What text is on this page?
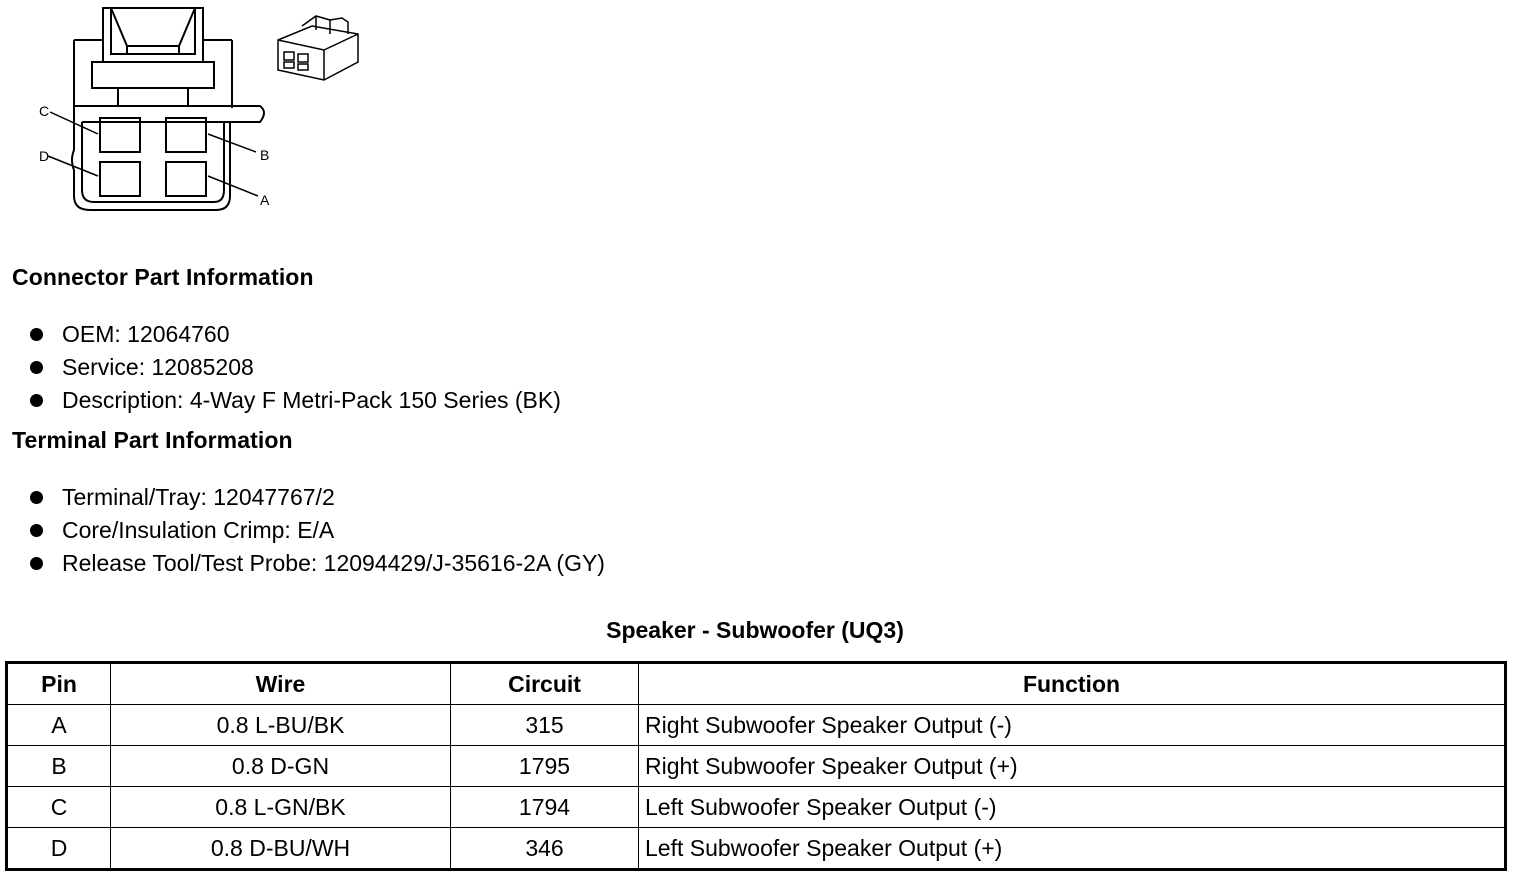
C
D	B
A
Connector Part Information
OEM: 12064760
Service: 12085208
Description: 4-Way F Metri-Pack 150 Series (BK)
Terminal Part Information
Terminal/Tray: 12047767/2
Core/Insulation Crimp: E/A
Release Tool/Test Probe: 12094429/J-35616-2A (GY)
Speaker - Subwoofer (UQ3)
Pin	Wire	Circuit	Function
A	0.8 L-BU/BK	315	Right Subwoofer Speaker Output (-)
B	0.8 D-GN	1795	Right Subwoofer Speaker Output (+)
C	0.8 L-GN/BK	1794	Left Subwoofer Speaker Output (-)
D	0.8 D-BU/WH	346	Left Subwoofer Speaker Output (+)
